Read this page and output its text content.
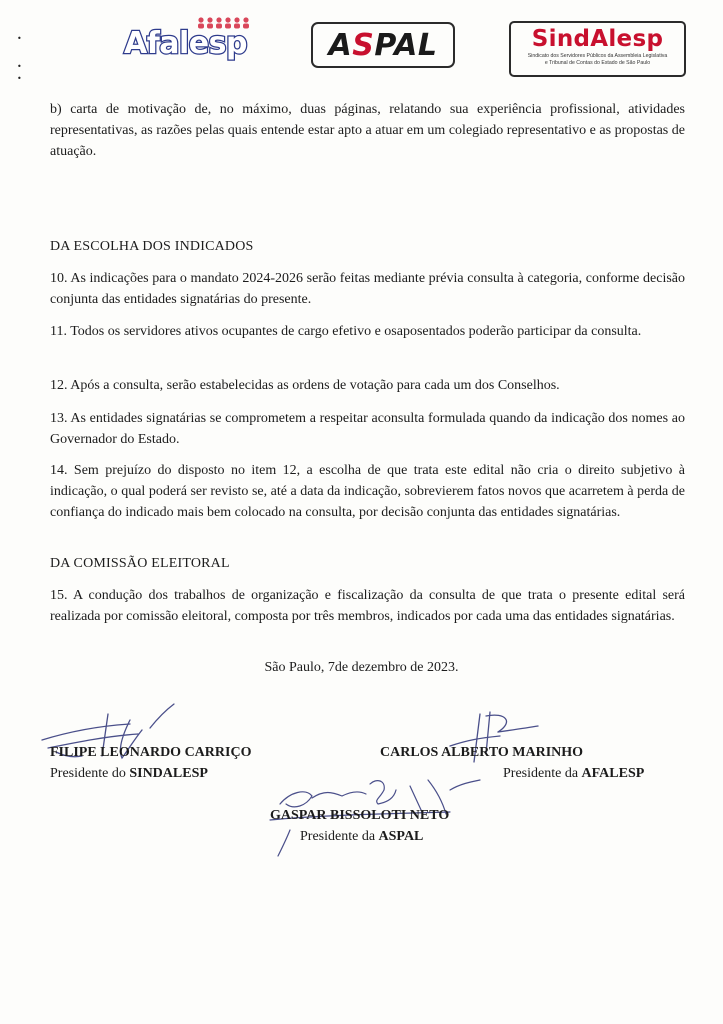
•
•
•
Afalesp	A S PAL	SindAlesp
Sindicato dos Servidores Públicos da Assembleia Legislativa
e Tribunal de Contas do Estado de São Paulo

b) carta de motivação de, no máximo, duas páginas, relatando sua experiência profissional, atividades representativas, as razões pelas quais entende estar apto a atuar em um colegiado representativo e as propostas de atuação.

DA ESCOLHA DOS INDICADOS

10. As indicações para o mandato 2024-2026 serão feitas mediante prévia consulta à categoria, conforme decisão conjunta das entidades signatárias do presente.

11. Todos os servidores ativos ocupantes de cargo efetivo e osaposentados poderão participar da consulta.

12. Após a consulta, serão estabelecidas as ordens de votação para cada um dos Conselhos.

13. As entidades signatárias se comprometem a respeitar aconsulta formulada quando da indicação dos nomes ao Governador do Estado.

14. Sem prejuízo do disposto no item 12, a escolha de que trata este edital não cria o direito subjetivo à indicação, o qual poderá ser revisto se, até a data da indicação, sobrevierem fatos novos que acarretem à perda de confiança do indicado mais bem colocado na consulta, por decisão conjunta das entidades signatárias.

DA COMISSÃO ELEITORAL

15. A condução dos trabalhos de organização e fiscalização da consulta de que trata o presente edital será realizada por comissão eleitoral, composta por três membros, indicados por cada uma das entidades signatárias.

São Paulo, 7de dezembro de 2023.
FILIPE LEONARDO CARRIÇO
Presidente do SINDALESP
CARLOS ALBERTO MARINHO
Presidente da AFALESP
GASPAR BISSOLOTI NETO
Presidente da ASPAL
